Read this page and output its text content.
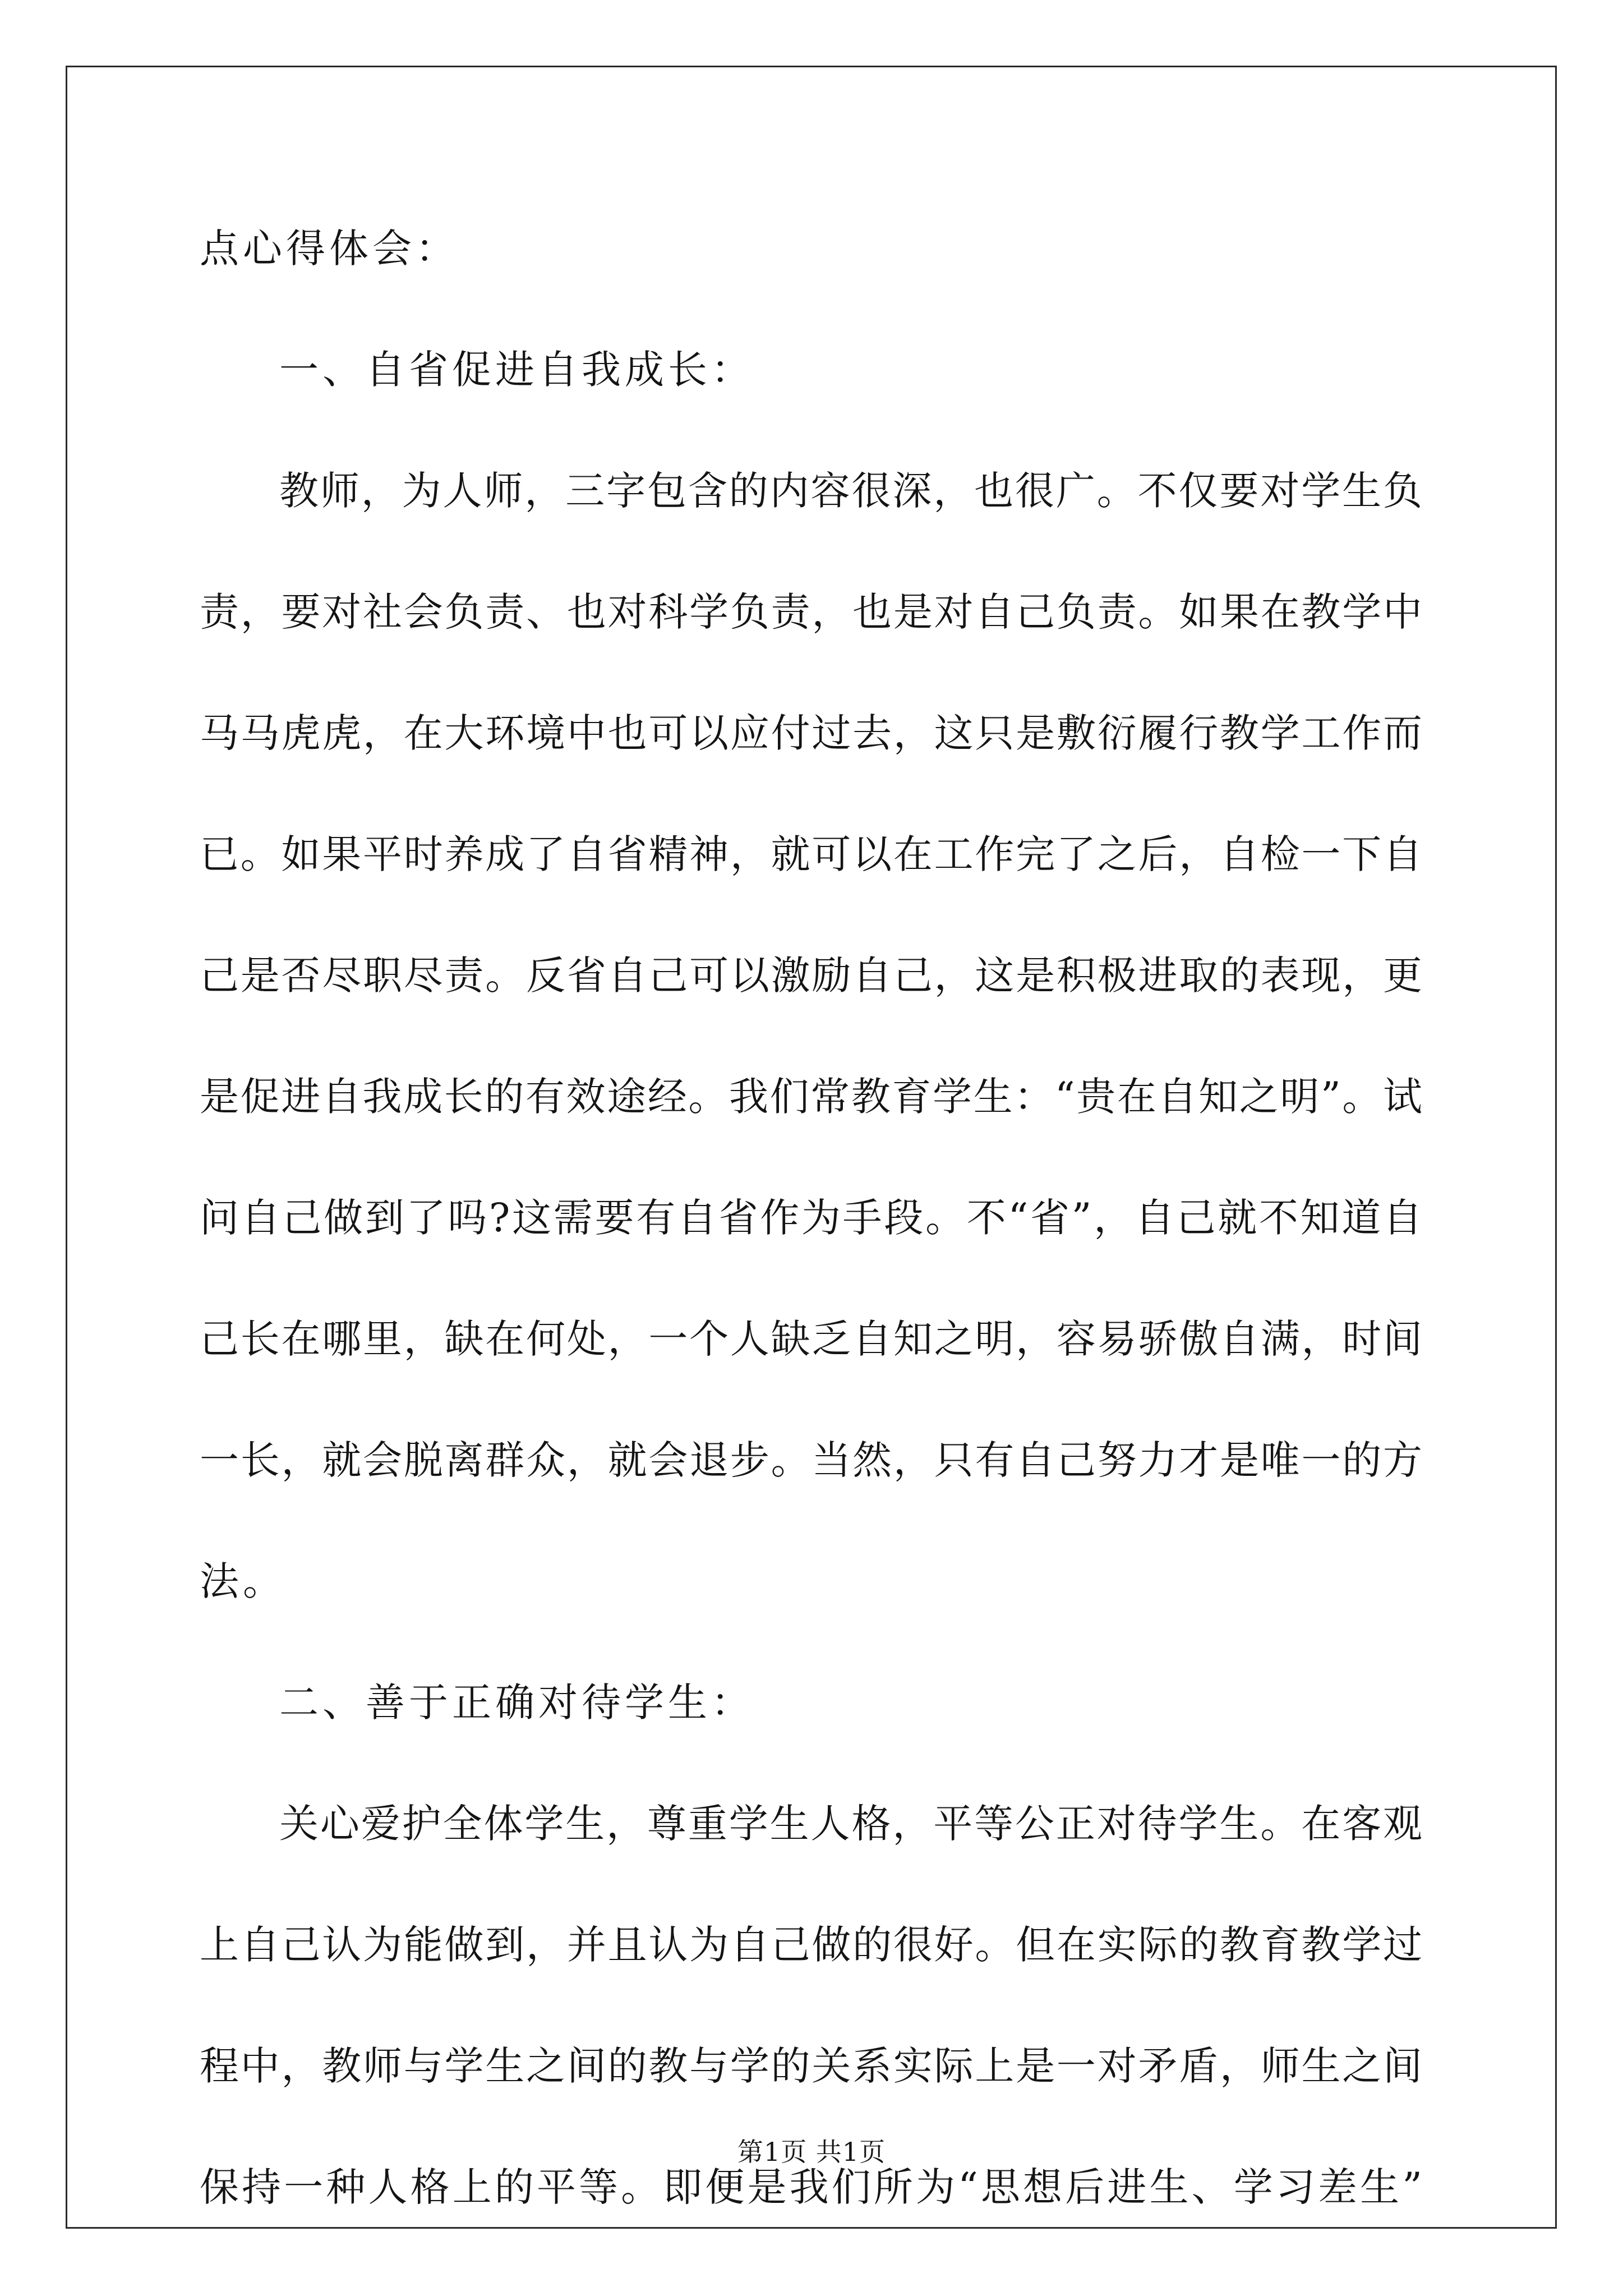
点心得体会：
一、自省促进自我成长：
教师，为人师，三字包含的内容很深，也很广。不仅要对学生负
责，要对社会负责、也对科学负责，也是对自己负责。如果在教学中
马马虎虎，在大环境中也可以应付过去，这只是敷衍履行教学工作而
已。如果平时养成了自省精神，就可以在工作完了之后，自检一下自
己是否尽职尽责。反省自己可以激励自己，这是积极进取的表现，更
是促进自我成长的有效途经。我们常教育学生：“贵在自知之明”。试
问自己做到了吗?这需要有自省作为手段。不“省”，自己就不知道自
己长在哪里，缺在何处，一个人缺乏自知之明，容易骄傲自满，时间
一长，就会脱离群众，就会退步。当然，只有自己努力才是唯一的方
法。
二、善于正确对待学生：
关心爱护全体学生，尊重学生人格，平等公正对待学生。在客观
上自己认为能做到，并且认为自己做的很好。但在实际的教育教学过
程中，教师与学生之间的教与学的关系实际上是一对矛盾，师生之间
保持一种人格上的平等。即便是我们所为“思想后进生、学习差生”
第1页 共1页
